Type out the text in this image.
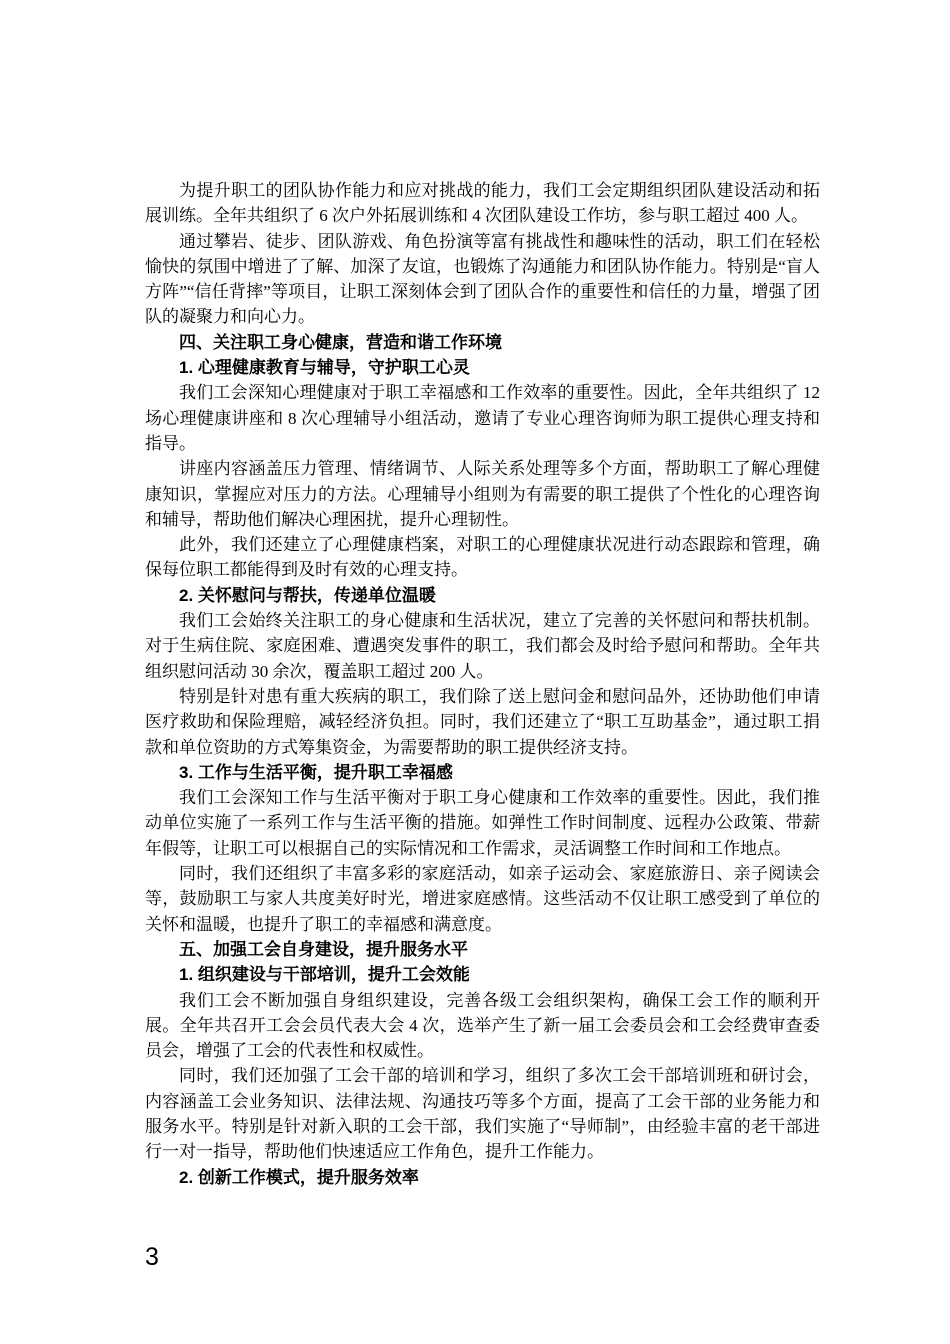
为提升职工的团队协作能力和应对挑战的能力，我们工会定期组织团队建设活动和拓展训练。全年共组织了 6 次户外拓展训练和 4 次团队建设工作坊，参与职工超过 400 人。

通过攀岩、徒步、团队游戏、角色扮演等富有挑战性和趣味性的活动，职工们在轻松愉快的氛围中增进了了解、加深了友谊，也锻炼了沟通能力和团队协作能力。特别是“盲人方阵”“信任背摔”等项目，让职工深刻体会到了团队合作的重要性和信任的力量，增强了团队的凝聚力和向心力。

四、关注职工身心健康，营造和谐工作环境
1. 心理健康教育与辅导，守护职工心灵

我们工会深知心理健康对于职工幸福感和工作效率的重要性。因此，全年共组织了 12 场心理健康讲座和 8 次心理辅导小组活动，邀请了专业心理咨询师为职工提供心理支持和指导。

讲座内容涵盖压力管理、情绪调节、人际关系处理等多个方面，帮助职工了解心理健康知识，掌握应对压力的方法。心理辅导小组则为有需要的职工提供了个性化的心理咨询和辅导，帮助他们解决心理困扰，提升心理韧性。

此外，我们还建立了心理健康档案，对职工的心理健康状况进行动态跟踪和管理，确保每位职工都能得到及时有效的心理支持。

2. 关怀慰问与帮扶，传递单位温暖

我们工会始终关注职工的身心健康和生活状况，建立了完善的关怀慰问和帮扶机制。对于生病住院、家庭困难、遭遇突发事件的职工，我们都会及时给予慰问和帮助。全年共组织慰问活动 30 余次，覆盖职工超过 200 人。

特别是针对患有重大疾病的职工，我们除了送上慰问金和慰问品外，还协助他们申请医疗救助和保险理赔，减轻经济负担。同时，我们还建立了“职工互助基金”，通过职工捐款和单位资助的方式筹集资金，为需要帮助的职工提供经济支持。

3. 工作与生活平衡，提升职工幸福感

我们工会深知工作与生活平衡对于职工身心健康和工作效率的重要性。因此，我们推动单位实施了一系列工作与生活平衡的措施。如弹性工作时间制度、远程办公政策、带薪年假等，让职工可以根据自己的实际情况和工作需求，灵活调整工作时间和工作地点。

同时，我们还组织了丰富多彩的家庭活动，如亲子运动会、家庭旅游日、亲子阅读会等，鼓励职工与家人共度美好时光，增进家庭感情。这些活动不仅让职工感受到了单位的关怀和温暖，也提升了职工的幸福感和满意度。

五、加强工会自身建设，提升服务水平
1. 组织建设与干部培训，提升工会效能

我们工会不断加强自身组织建设，完善各级工会组织架构，确保工会工作的顺利开展。全年共召开工会会员代表大会 4 次，选举产生了新一届工会委员会和工会经费审查委员会，增强了工会的代表性和权威性。

同时，我们还加强了工会干部的培训和学习，组织了多次工会干部培训班和研讨会，内容涵盖工会业务知识、法律法规、沟通技巧等多个方面，提高了工会干部的业务能力和服务水平。特别是针对新入职的工会干部，我们实施了“导师制”，由经验丰富的老干部进行一对一指导，帮助他们快速适应工作角色，提升工作能力。

2. 创新工作模式，提升服务效率
3
